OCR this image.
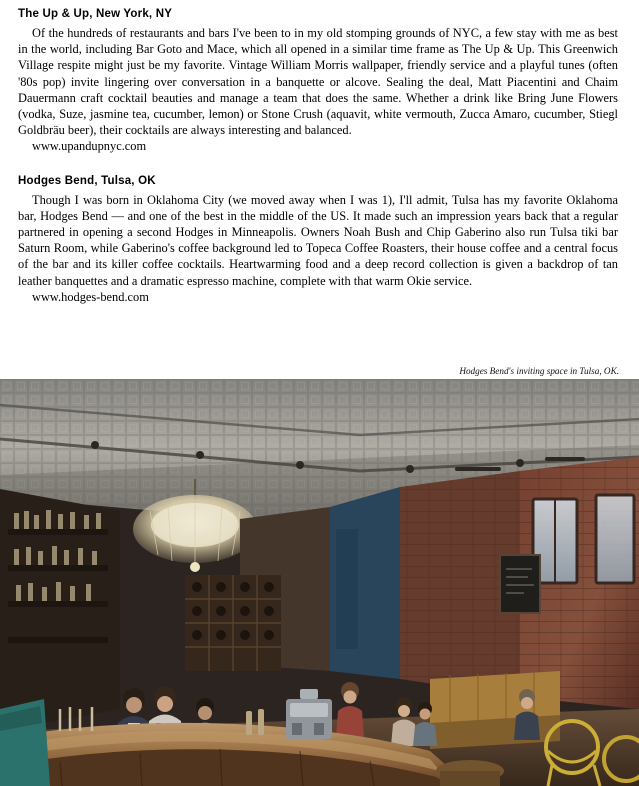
The Up & Up, New York, NY

Of the hundreds of restaurants and bars I've been to in my old stomping grounds of NYC, a few stay with me as best in the world, including Bar Goto and Mace, which all opened in a similar time frame as The Up & Up. This Greenwich Village respite might just be my favorite. Vintage William Morris wallpaper, friendly service and a playful tunes (often '80s pop) invite lingering over conversation in a banquette or alcove. Sealing the deal, Matt Piacentini and Chaim Dauermann craft cocktail beauties and manage a team that does the same. Whether a drink like Bring June Flowers (vodka, Suze, jasmine tea, cucumber, lemon) or Stone Crush (aquavit, white vermouth, Zucca Amaro, cucumber, Stiegl Goldbräu beer), their cocktails are always interesting and balanced.

www.upandupnyc.com

Hodges Bend, Tulsa, OK

Though I was born in Oklahoma City (we moved away when I was 1), I'll admit, Tulsa has my favorite Oklahoma bar, Hodges Bend — and one of the best in the middle of the US. It made such an impression years back that a regular partnered in opening a second Hodges in Minneapolis. Owners Noah Bush and Chip Gaberino also run Tulsa tiki bar Saturn Room, while Gaberino's coffee background led to Topeca Coffee Roasters, their house coffee and a central focus of the bar and its killer coffee cocktails. Heartwarming food and a deep record collection is given a backdrop of tan leather banquettes and a dramatic espresso machine, complete with that warm Okie service.

www.hodges-bend.com

Hodges Bend's inviting space in Tulsa, OK.
